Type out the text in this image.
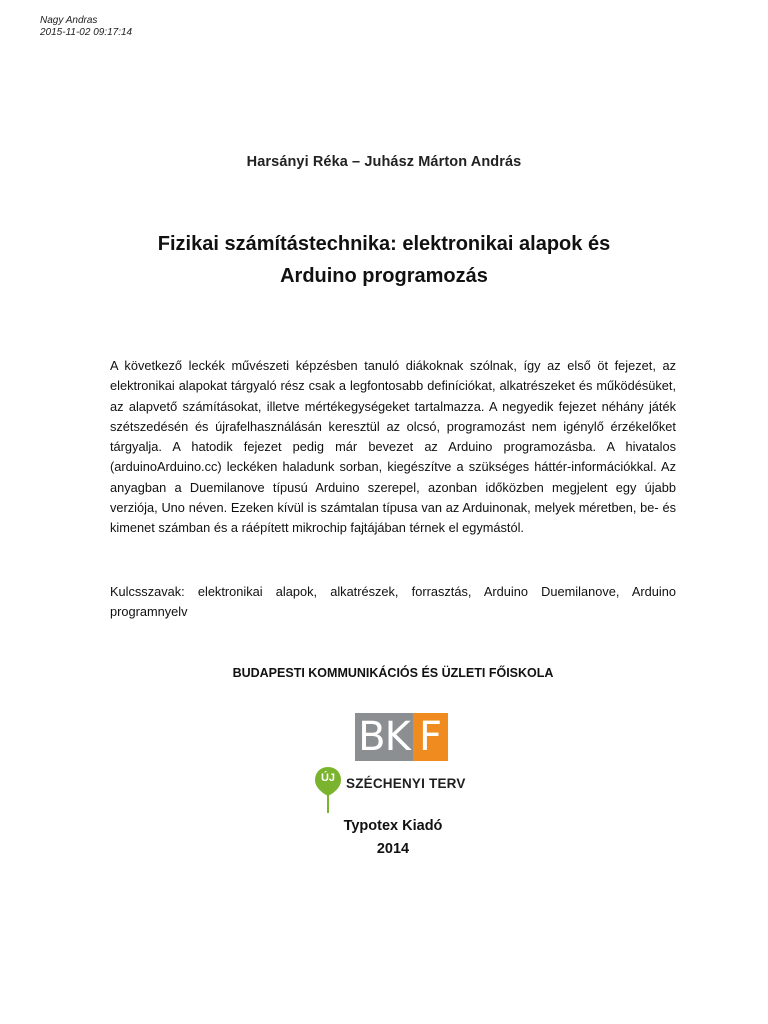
Nagy Andras
2015-11-02 09:17:14
Harsányi Réka – Juhász Márton András
Fizikai számítástechnika: elektronikai alapok és
Arduino programozás

A következő leckék művészeti képzésben tanuló diákoknak szólnak, így az első öt fejezet, az elektronikai alapokat tárgyaló rész csak a legfontosabb definíciókat, alkatrészeket és működésüket, az alapvető számításokat, illetve mértékegységeket tartalmazza. A negyedik fejezet néhány játék szétszedésén és újrafelhasználásán keresztül az olcsó, programozást nem igénylő érzékelőket tárgyalja. A hatodik fejezet pedig már bevezet az Arduino programozásba. A hivatalos (arduinoArduino.cc) leckéken haladunk sorban, kiegészítve a szükséges háttér-információkkal. Az anyagban a Duemilanove típusú Arduino szerepel, azonban időközben megjelent egy újabb verziója, Uno néven. Ezeken kívül is számtalan típusa van az Arduinonak, melyek méretben, be- és kimenet számban és a ráépített mikrochip fajtájában térnek el egymástól.

Kulcsszavak: elektronikai alapok, alkatrészek, forrasztás, Arduino Duemilanove, Arduino programnyelv

BUDAPESTI KOMMUNIKÁCIÓS ÉS ÜZLETI FŐISKOLA
BK F
ÚJ SZÉCHENYI TERV
Typotex Kiadó
2014
